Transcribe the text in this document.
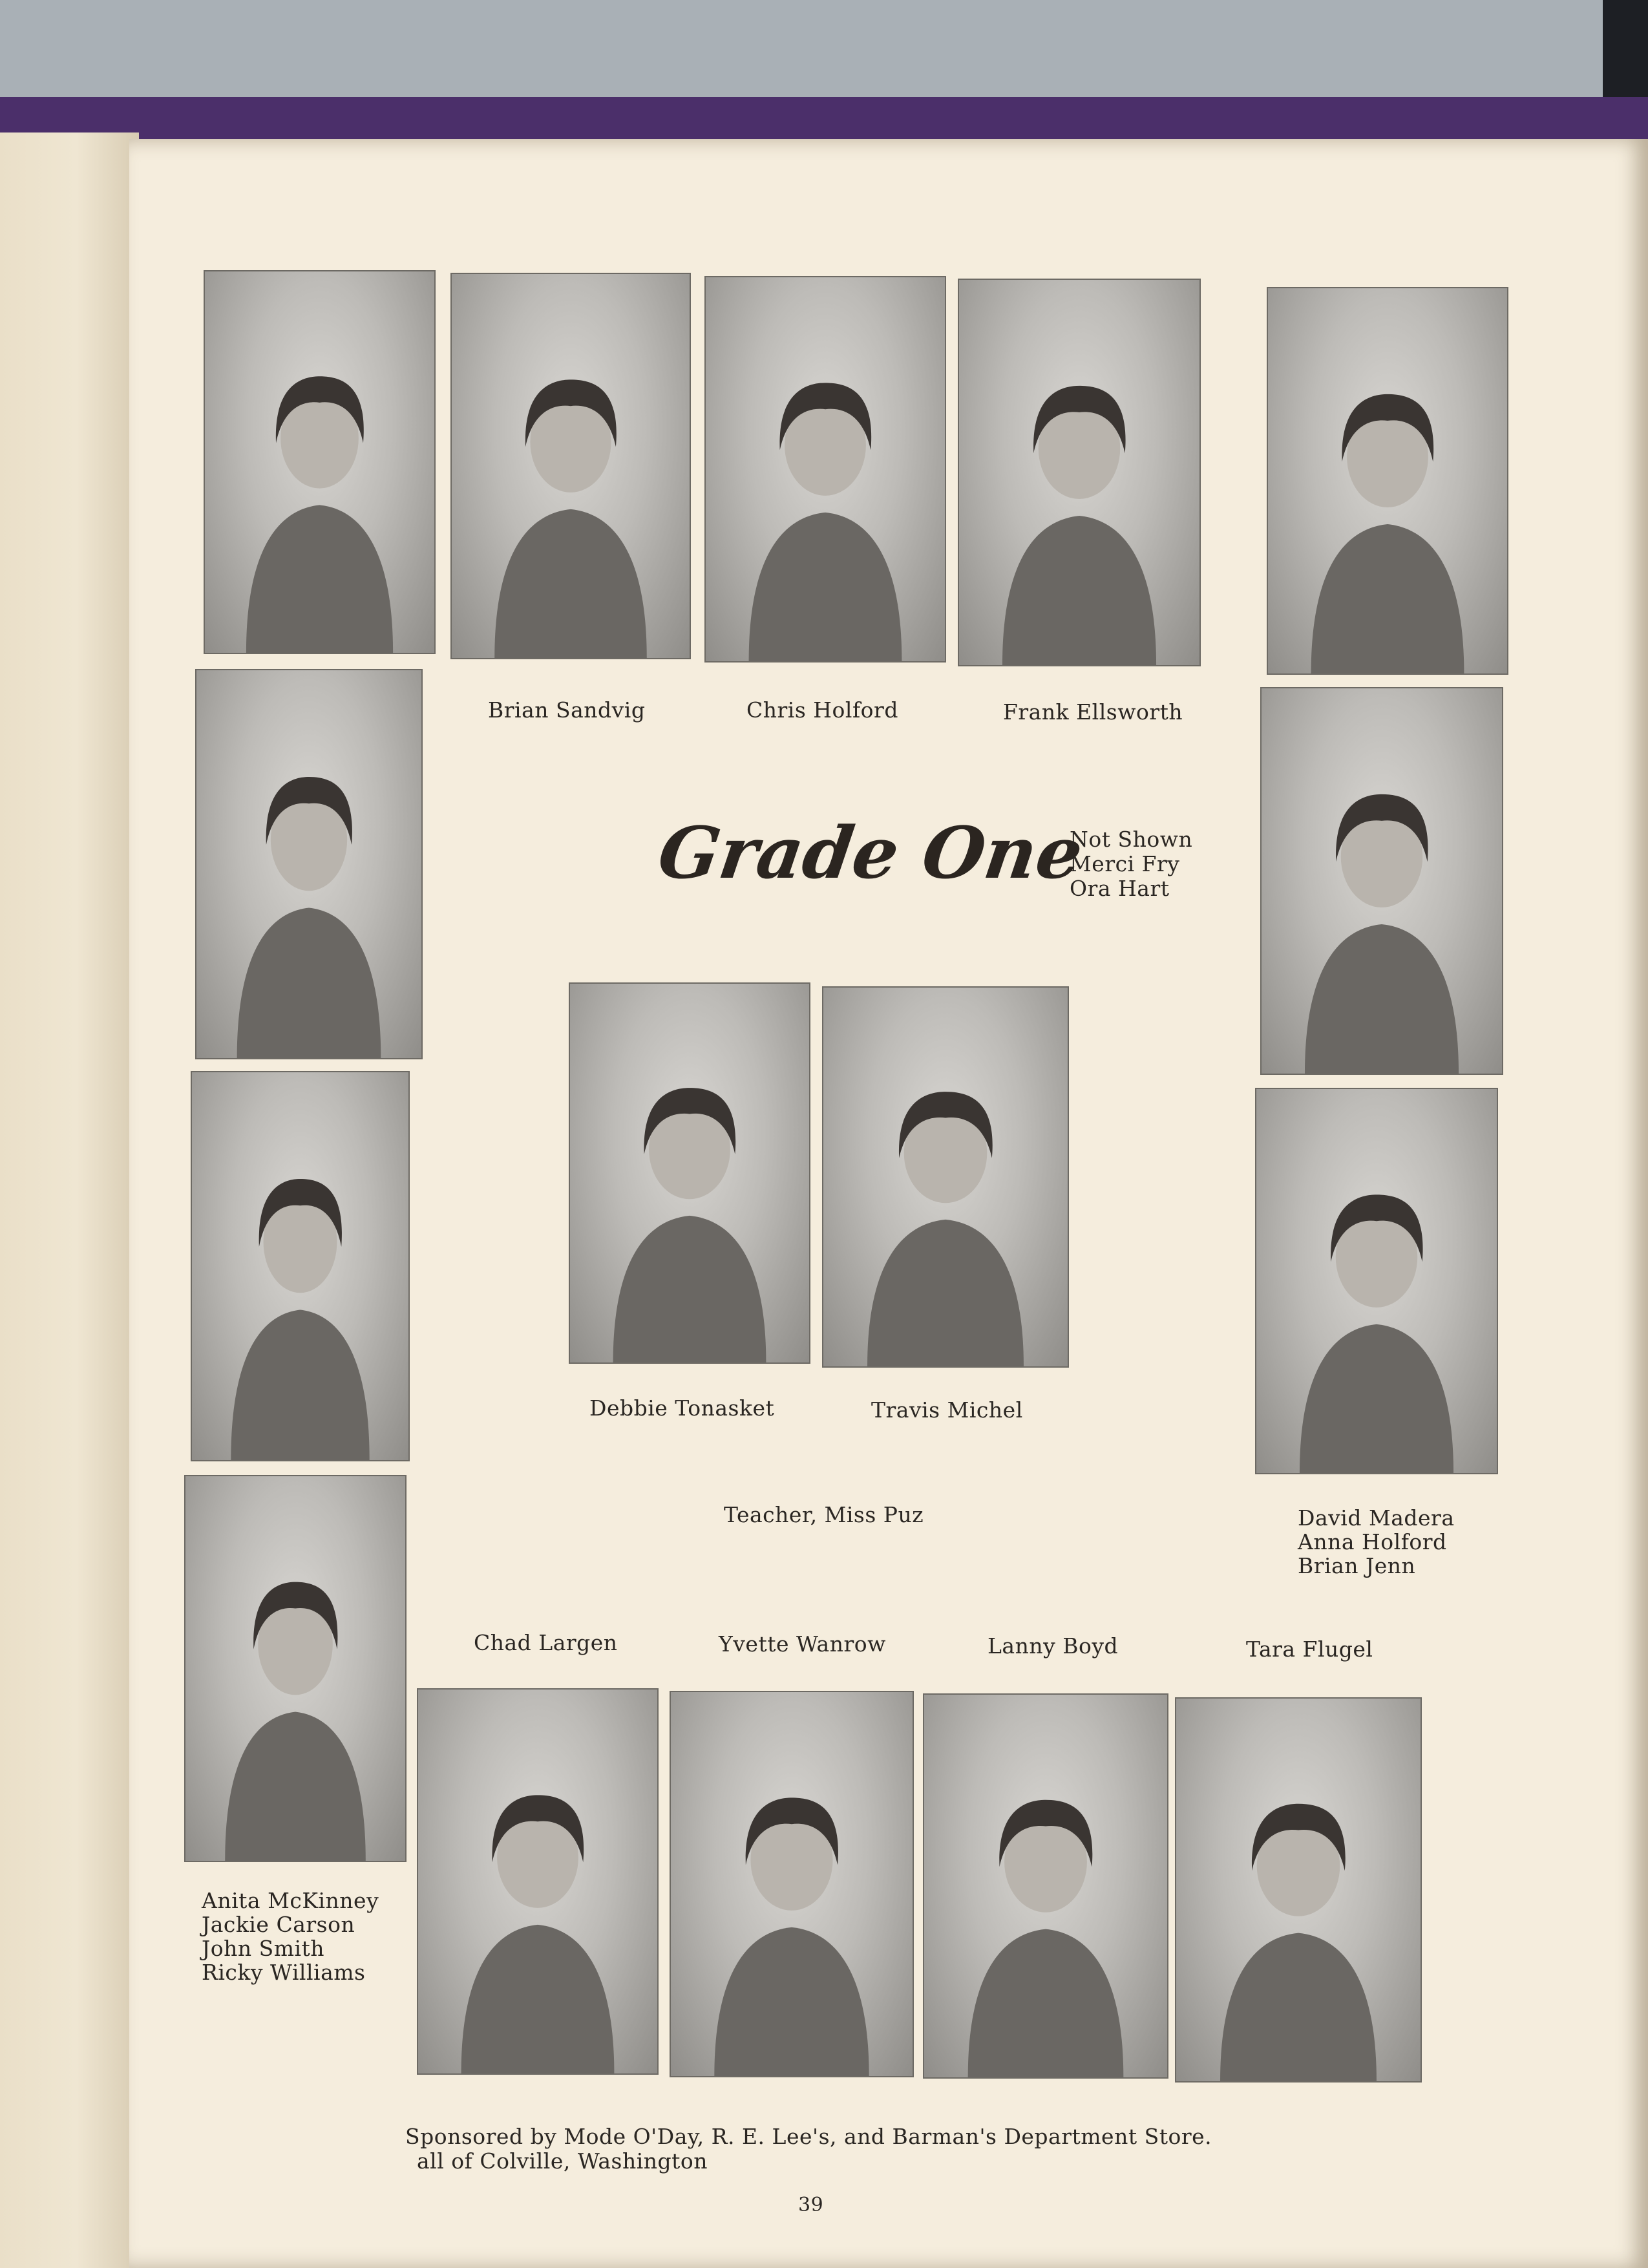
Grade One
Not Shown
Merci Fry
Ora Hart
Brian Sandvig	Chris Holford	Frank Ellsworth
Debbie Tonasket	Travis Michel
Teacher, Miss Puz	David Madera
Anna Holford
Brian Jenn
Chad Largen	Yvette Wanrow	Lanny Boyd	Tara Flugel
Anita McKinney
Jackie Carson
John Smith
Ricky Williams
Sponsored by Mode O'Day, R. E. Lee's, and Barman's Department Store.
all of Colville, Washington
39
